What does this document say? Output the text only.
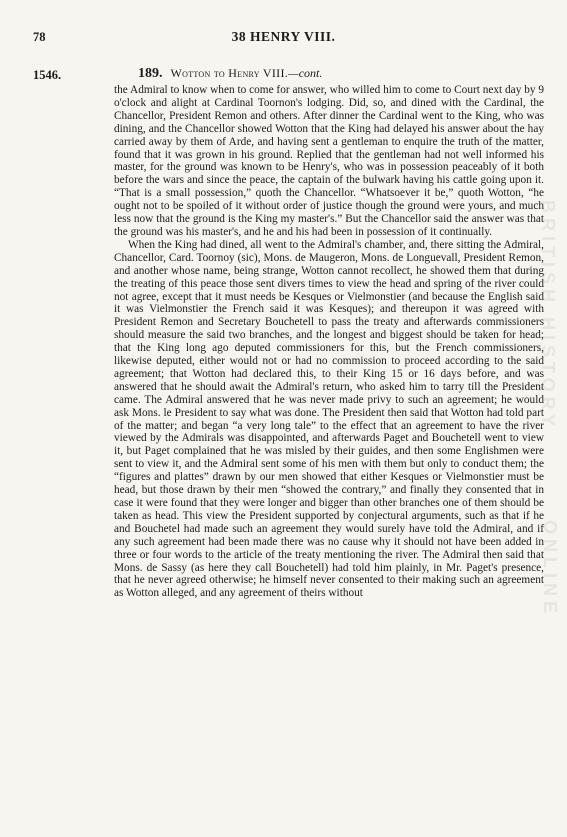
78	38 HENRY VIII.
1546.	189. Wotton to Henry VIII.—cont.

the Admiral to know when to come for answer, who willed him to come to Court next day by 9 o'clock and alight at Cardinal Toornon's lodging. Did, so, and dined with the Cardinal, the Chancellor, President Remon and others. After dinner the Cardinal went to the King, who was dining, and the Chancellor showed Wotton that the King had delayed his answer about the hay carried away by them of Arde, and having sent a gentleman to enquire the truth of the matter, found that it was grown in his ground. Replied that the gentleman had not well informed his master, for the ground was known to be Henry's, who was in possession peaceably of it both before the wars and since the peace, the captain of the bulwark having his cattle going upon it. “That is a small possession,” quoth the Chancellor. “Whatsoever it be,” quoth Wotton, “he ought not to be spoiled of it without order of justice though the ground were yours, and much less now that the ground is the King my master's.” But the Chancellor said the answer was that the ground was his master's, and he and his had been in possession of it continually.

When the King had dined, all went to the Admiral's chamber, and, there sitting the Admiral, Chancellor, Card. Toornoy (sic), Mons. de Maugeron, Mons. de Longuevall, President Remon, and another whose name, being strange, Wotton cannot recollect, he showed them that during the treating of this peace those sent divers times to view the head and spring of the river could not agree, except that it must needs be Kesques or Vielmonstier (and because the English said it was Vielmonstier the French said it was Kesques); and thereupon it was agreed with President Remon and Secretary Bouchetell to pass the treaty and afterwards commissioners should measure the said two branches, and the longest and biggest should be taken for head; that the King long ago deputed commissioners for this, but the French commissioners, likewise deputed, either would not or had no commission to proceed according to the said agreement; that Wotton had declared this, to their King 15 or 16 days before, and was answered that he should await the Admiral's return, who asked him to tarry till the President came. The Admiral answered that he was never made privy to such an agreement; he would ask Mons. le President to say what was done. The President then said that Wotton had told part of the matter; and began “a very long tale” to the effect that an agreement to have the river viewed by the Admirals was disappointed, and afterwards Paget and Bouchetell went to view it, but Paget complained that he was misled by their guides, and then some Englishmen were sent to view it, and the Admiral sent some of his men with them but only to conduct them; the “figures and plattes” drawn by our men showed that either Kesques or Vielmonstier must be head, but those drawn by their men “showed the contrary,” and finally they consented that in case it were found that they were longer and bigger than other branches one of them should be taken as head. This view the President supported by conjectural arguments, such as that if he and Bouchetel had made such an agreement they would surely have told the Admiral, and if any such agreement had been made there was no cause why it should not have been added in three or four words to the article of the treaty mentioning the river. The Admiral then said that Mons. de Sassy (as here they call Bouchetell) had told him plainly, in Mr. Paget's presence, that he never agreed otherwise; he himself never consented to their making such an agreement as Wotton alleged, and any agreement of theirs without

BRITISH HISTORY
ONLINE
